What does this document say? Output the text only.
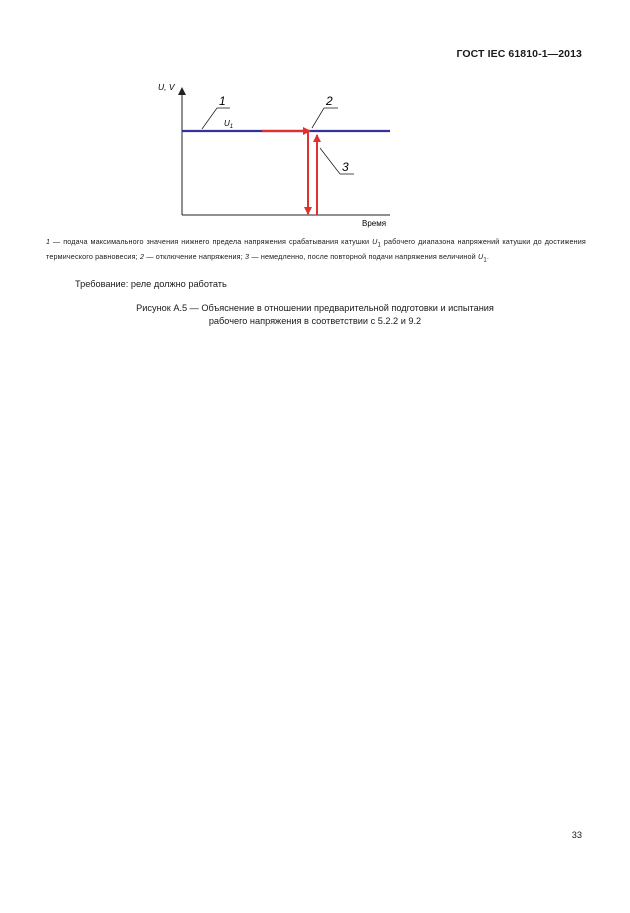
ГОСТ IEC 61810-1—2013
U, V
Время
$U_1$
1	2
3
1 — подача максимального значения нижнего предела напряжения срабатывания катушки $U_1$ рабочего диапазона напряжений катушки до достижения термического равновесия; 2 — отключение напряжения; 3 — немедленно, после повторной подачи напряжения величиной $U_1$.
Требование: реле должно работать
Рисунок А.5 — Объяснение в отношении предварительной подготовки и испытания
рабочего напряжения в соответствии с 5.2.2 и 9.2
33
